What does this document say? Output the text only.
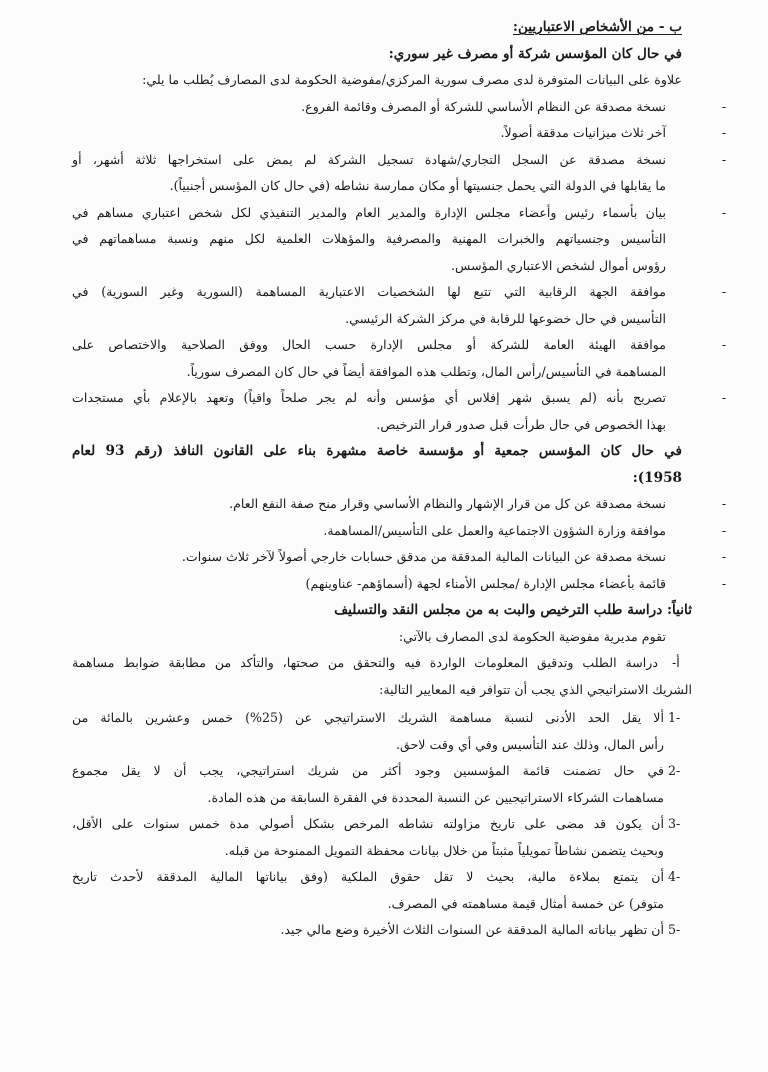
ب - من الأشخاص الاعتباريين:
في حال كان المؤسس شركة أو مصرف غير سوري:
علاوة على البيانات المتوفرة لدى مصرف سورية المركزي/مفوضية الحكومة لدى المصارف يُطلب ما يلي:
-
نسخة مصدقة عن النظام الأساسي للشركة أو المصرف وقائمة الفروع.
-
آخر ثلاث ميزانيات مدققة أصولاً.
-
نسخة مصدقة عن السجل التجاري/شهادة تسجيل الشركة لم يمض على استخراجها ثلاثة أشهر، أو
ما يقابلها في الدولة التي يحمل جنسيتها أو مكان ممارسة نشاطه (في حال كان المؤسس أجنبياً).
-
بيان بأسماء رئيس وأعضاء مجلس الإدارة والمدير العام والمدير التنفيذي لكل شخص اعتباري مساهم في
التأسيس وجنسياتهم والخبرات المهنية والمصرفية والمؤهلات العلمية لكل منهم ونسبة مساهماتهم في
رؤوس أموال لشخص الاعتباري المؤسس.
-
موافقة الجهة الرقابية التي تتبع لها الشخصيات الاعتبارية المساهمة (السورية وغير السورية) في
التأسيس في حال خضوعها للرقابة في مركز الشركة الرئيسي.
-
موافقة الهيئة العامة للشركة أو مجلس الإدارة حسب الحال ووفق الصلاحية والاختصاص على
المساهمة في التأسيس/رأس المال، وتطلب هذه الموافقة أيضاً في حال كان المصرف سورياً.
-
تصريح بأنه (لم يسبق شهر إفلاس أي مؤسس وأنه لم يجر صلحاً واقياً) وتعهد بالإعلام بأي مستجدات
بهذا الخصوص في حال طرأت قبل صدور قرار الترخيص.
في حال كان المؤسس جمعية أو مؤسسة خاصة مشهرة بناء على القانون النافذ (رقم 93 لعام
1958):
-
نسخة مصدقة عن كل من قرار الإشهار والنظام الأساسي وقرار منح صفة النفع العام.
-
موافقة وزارة الشؤون الاجتماعية والعمل على التأسيس/المساهمة.
-
نسخة مصدقة عن البيانات المالية المدققة من مدقق حسابات خارجي أصولاً لآخر ثلاث سنوات.
-
قائمة بأعضاء مجلس الإدارة /مجلس الأمناء لجهة (أسماؤهم- عناوينهم)
ثانياً: دراسة طلب الترخيص والبت به من مجلس النقد والتسليف
تقوم مديرية مفوضية الحكومة لدى المصارف بالآتي:
أ-
دراسة الطلب وتدقيق المعلومات الواردة فيه والتحقق من صحتها، والتأكد من مطابقة ضوابط مساهمة
الشريك الاستراتيجي الذي يجب أن تتوافر فيه المعايير التالية:
1-
ألا يقل الحد الأدنى لنسبة مساهمة الشريك الاستراتيجي عن (25%) خمس وعشرين بالمائة من
رأس المال، وذلك عند التأسيس وفي أي وقت لاحق.
2-
في حال تضمنت قائمة المؤسسين وجود أكثر من شريك استراتيجي، يجب أن لا يقل مجموع
مساهمات الشركاء الاستراتيجيين عن النسبة المحددة في الفقرة السابقة من هذه المادة.
3-
أن يكون قد مضى على تاريخ مزاولته نشاطه المرخص بشكل أصولي مدة خمس سنوات على الأقل،
وبحيث يتضمن نشاطاً تمويلياً مثبتاً من خلال بيانات محفظة التمويل الممنوحة من قبله.
4-
أن يتمتع بملاءة مالية، بحيث لا تقل حقوق الملكية (وفق بياناتها المالية المدققة لأحدث تاريخ
متوفر) عن خمسة أمثال قيمة مساهمته في المصرف.
5-
أن تظهر بياناته المالية المدققة عن السنوات الثلاث الأخيرة وضع مالي جيد.
